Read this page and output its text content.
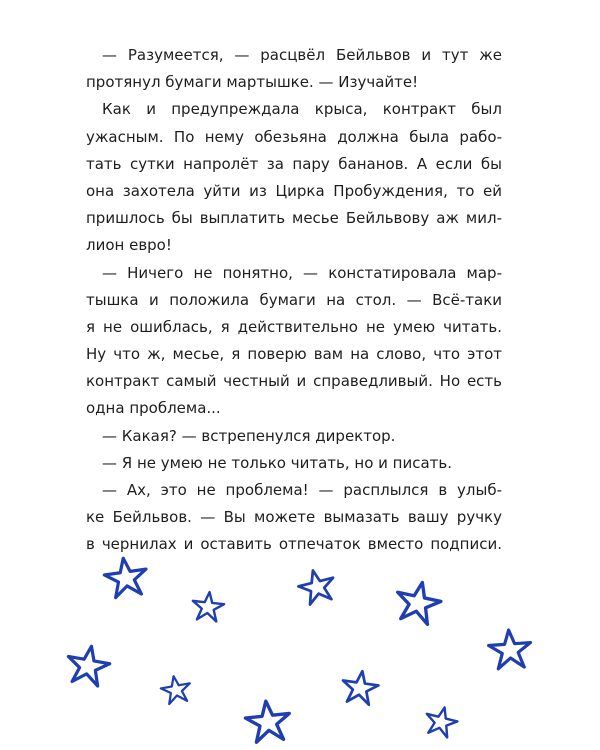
— Разумеется, — расцвёл Бейльвов и тут же
протянул бумаги мартышке. — Изучайте!

Как и предупреждала крыса, контракт был
ужасным. По нему обезьяна должна была рабо-
тать сутки напролёт за пару бананов. А если бы
она захотела уйти из Цирка Пробуждения, то ей
пришлось бы выплатить месье Бейльвову аж мил-
лион евро!

— Ничего не понятно, — констатировала мар-
тышка и положила бумаги на стол. — Всё-таки
я не ошиблась, я действительно не умею читать.
Ну что ж, месье, я поверю вам на слово, что этот
контракт самый честный и справедливый. Но есть
одна проблема...

— Какая? — встрепенулся директор.

— Я не умею не только читать, но и писать.

— Ах, это не проблема! — расплылся в улыб-
ке Бейльвов. — Вы можете вымазать вашу ручку
в чернилах и оставить отпечаток вместо подписи.
